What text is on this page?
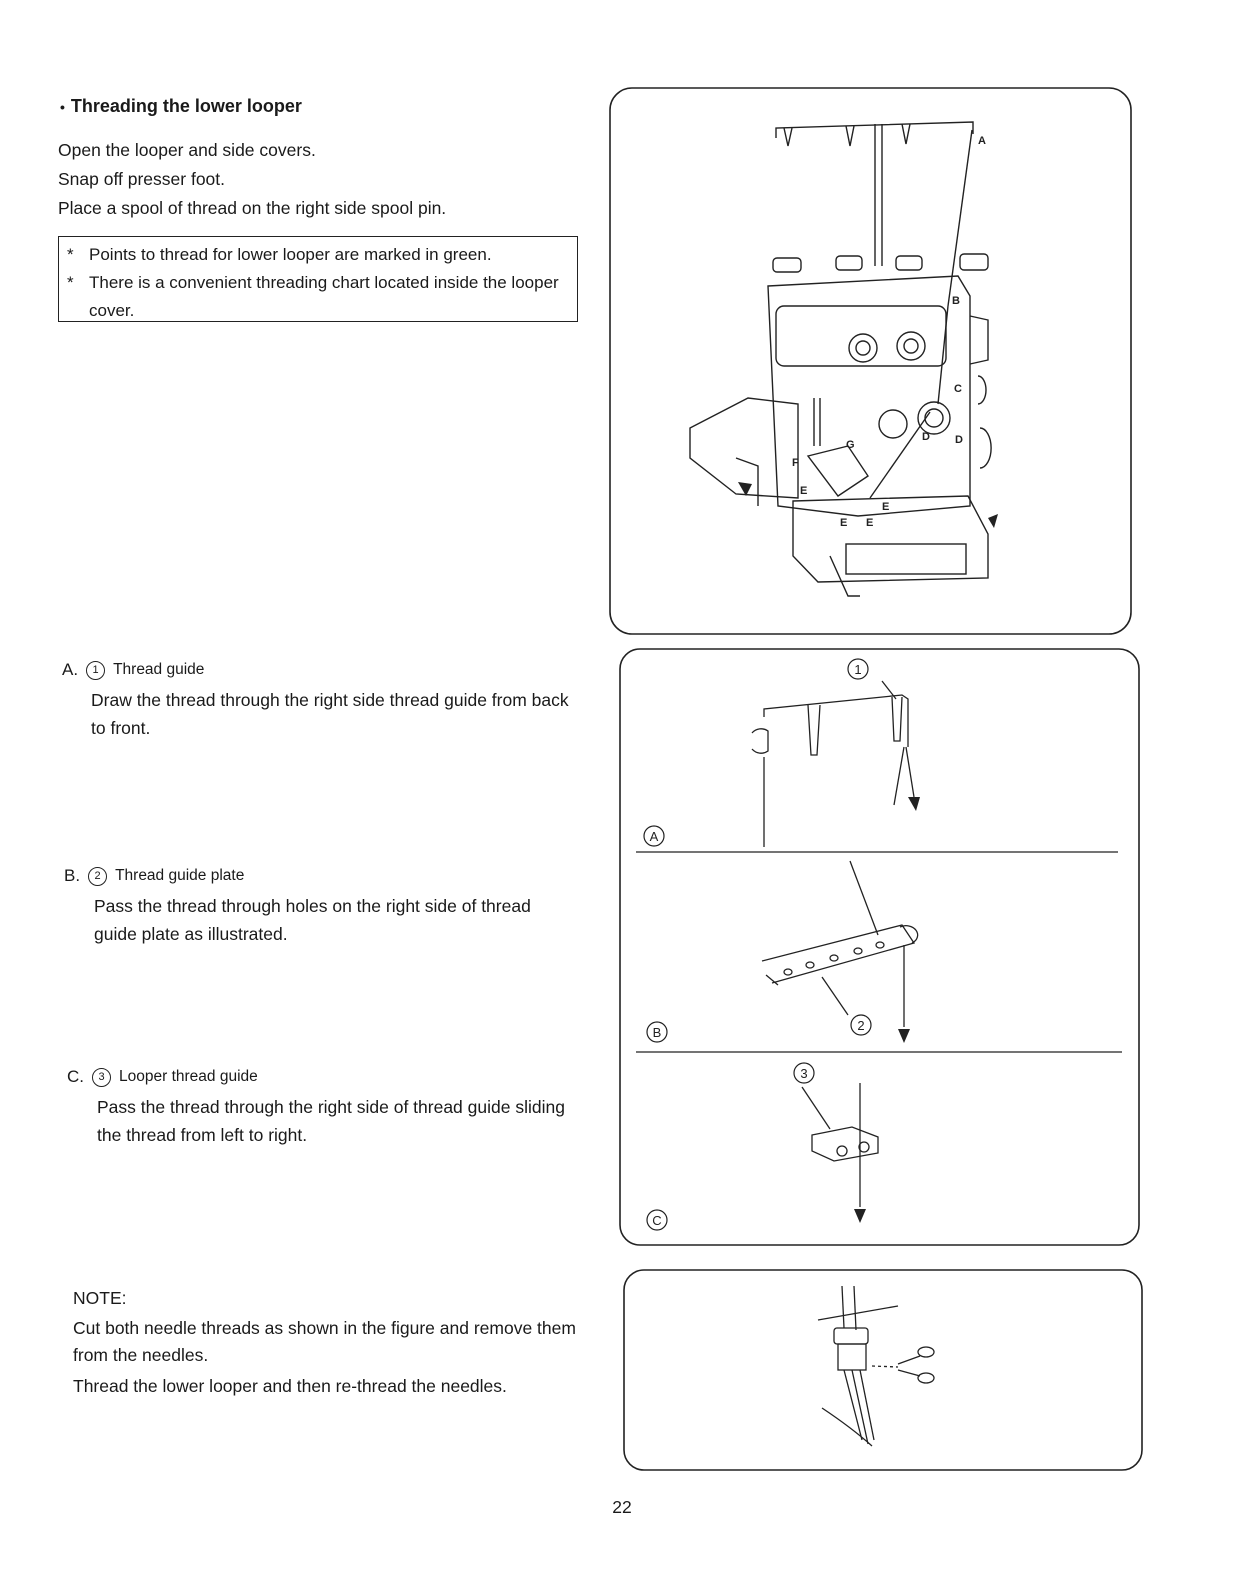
• Threading the lower looper

Open the looper and side covers.

Snap off presser foot.

Place a spool of thread on the right side spool pin.

* Points to thread for lower looper are marked in green.
* There is a convenient threading chart located inside the looper cover.
A.	1 Thread guide
Draw the thread through the right side thread guide from back to front.
B.	2 Thread guide plate
Pass the thread through holes on the right side of thread guide plate as illustrated.
C.	3 Looper thread guide
Pass the thread through the right side of thread guide sliding the thread from left to right.
NOTE:

Cut both needle threads as shown in the figure and remove them from the needles.

Thread the lower looper and then re-thread the needles.

A
B
C
D D
E
E
E E
F
G
1
2
3
A
B
C
22
